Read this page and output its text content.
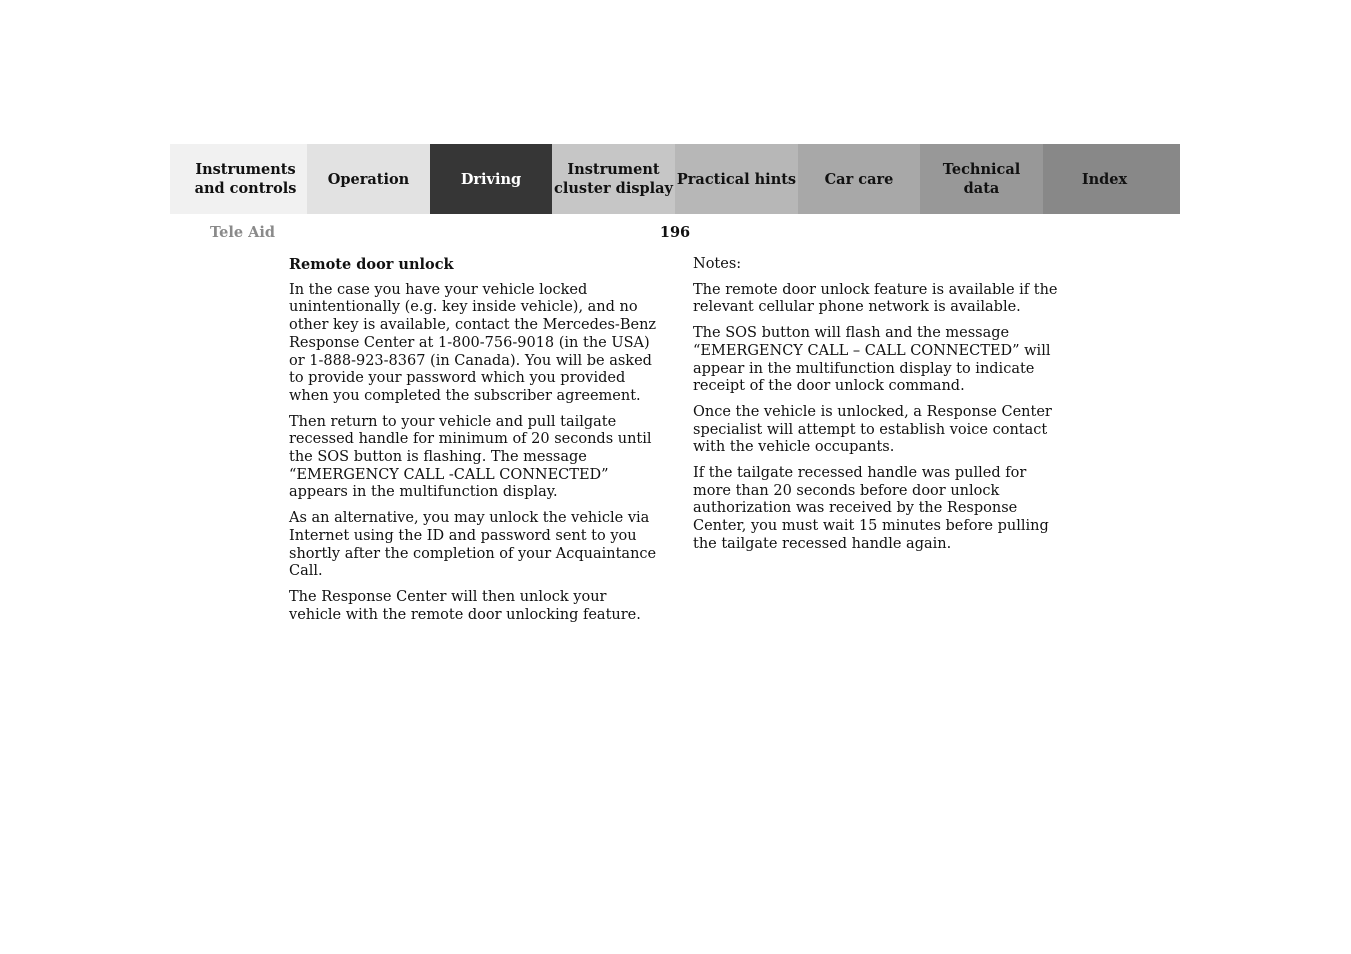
Instruments
and controls
Operation	Driving
Instrument
cluster display
Practical hints	Car care
Technical
data
Index
Tele Aid	196
Remote door unlock

In the case you have your vehicle locked unintentionally (e.g. key inside vehicle), and no other key is available, contact the Mercedes-Benz Response Center at 1-800-756-9018 (in the USA) or 1-888-923-8367 (in Canada). You will be asked to provide your password which you provided when you completed the subscriber agreement.

Then return to your vehicle and pull tailgate recessed handle for minimum of 20 seconds until the SOS button is flashing. The message “EMERGENCY CALL -CALL CONNECTED” appears in the multifunction display.

As an alternative, you may unlock the vehicle via Internet using the ID and password sent to you shortly after the completion of your Acquaintance Call.

The Response Center will then unlock your vehicle with the remote door unlocking feature.

Notes:

The remote door unlock feature is available if the relevant cellular phone network is available.

The SOS button will flash and the message “EMERGENCY CALL – CALL CONNECTED” will appear in the multifunction display to indicate receipt of the door unlock command.

Once the vehicle is unlocked, a Response Center specialist will attempt to establish voice contact with the vehicle occupants.

If the tailgate recessed handle was pulled for more than 20 seconds before door unlock authorization was received by the Response Center, you must wait 15 minutes before pulling the tailgate recessed handle again.
